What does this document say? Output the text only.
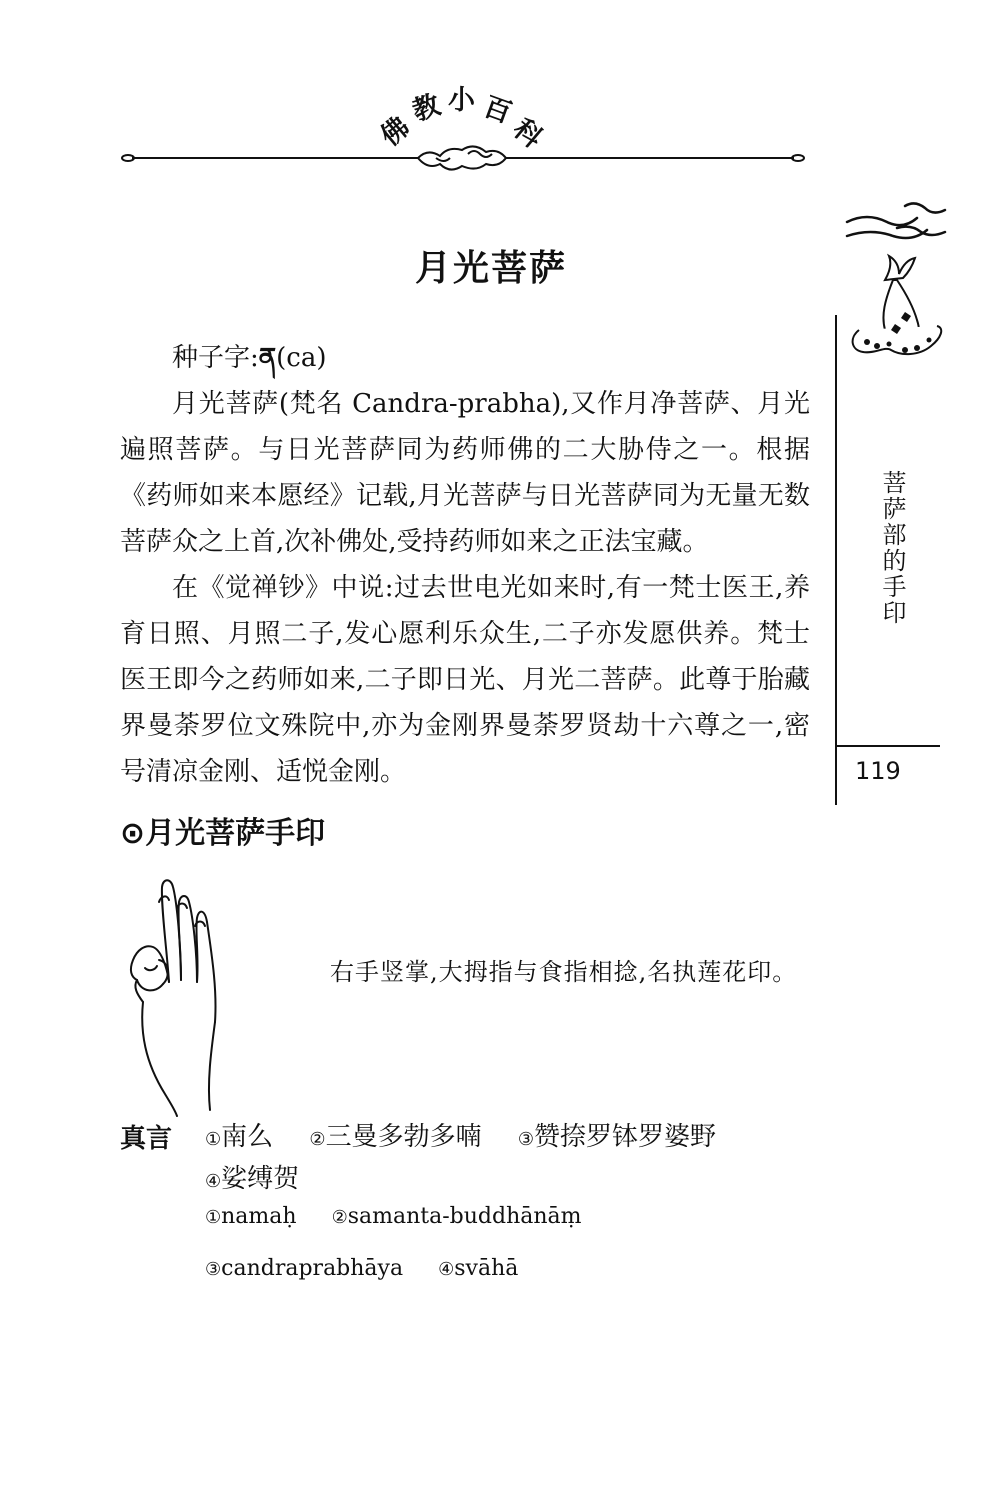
佛
教 小 百
科
月光菩萨

种子字:ན(ca)

月光菩萨(梵名 Candra-prabha),又作月净菩萨、月光遍照菩萨。与日光菩萨同为药师佛的二大胁侍之一。根据《药师如来本愿经》记载,月光菩萨与日光菩萨同为无量无数菩萨众之上首,次补佛处,受持药师如来之正法宝藏。

在《觉禅钞》中说:过去世电光如来时,有一梵士医王,养育日照、月照二子,发心愿利乐众生,二子亦发愿供养。梵士医王即今之药师如来,二子即日光、月光二菩萨。此尊于胎藏界曼荼罗位文殊院中,亦为金刚界曼荼罗贤劫十六尊之一,密号清凉金刚、适悦金刚。

⊙月光菩萨手印
右手竖掌,大拇指与食指相捻,名执莲花印。
真言 ①南么 ②三曼多勃多喃 ③赞捺罗钵罗婆野
④娑缚贺
①namaḥ ②samanta-buddhānāṃ
③candraprabhāya ④svāhā
菩萨部的手印
119
